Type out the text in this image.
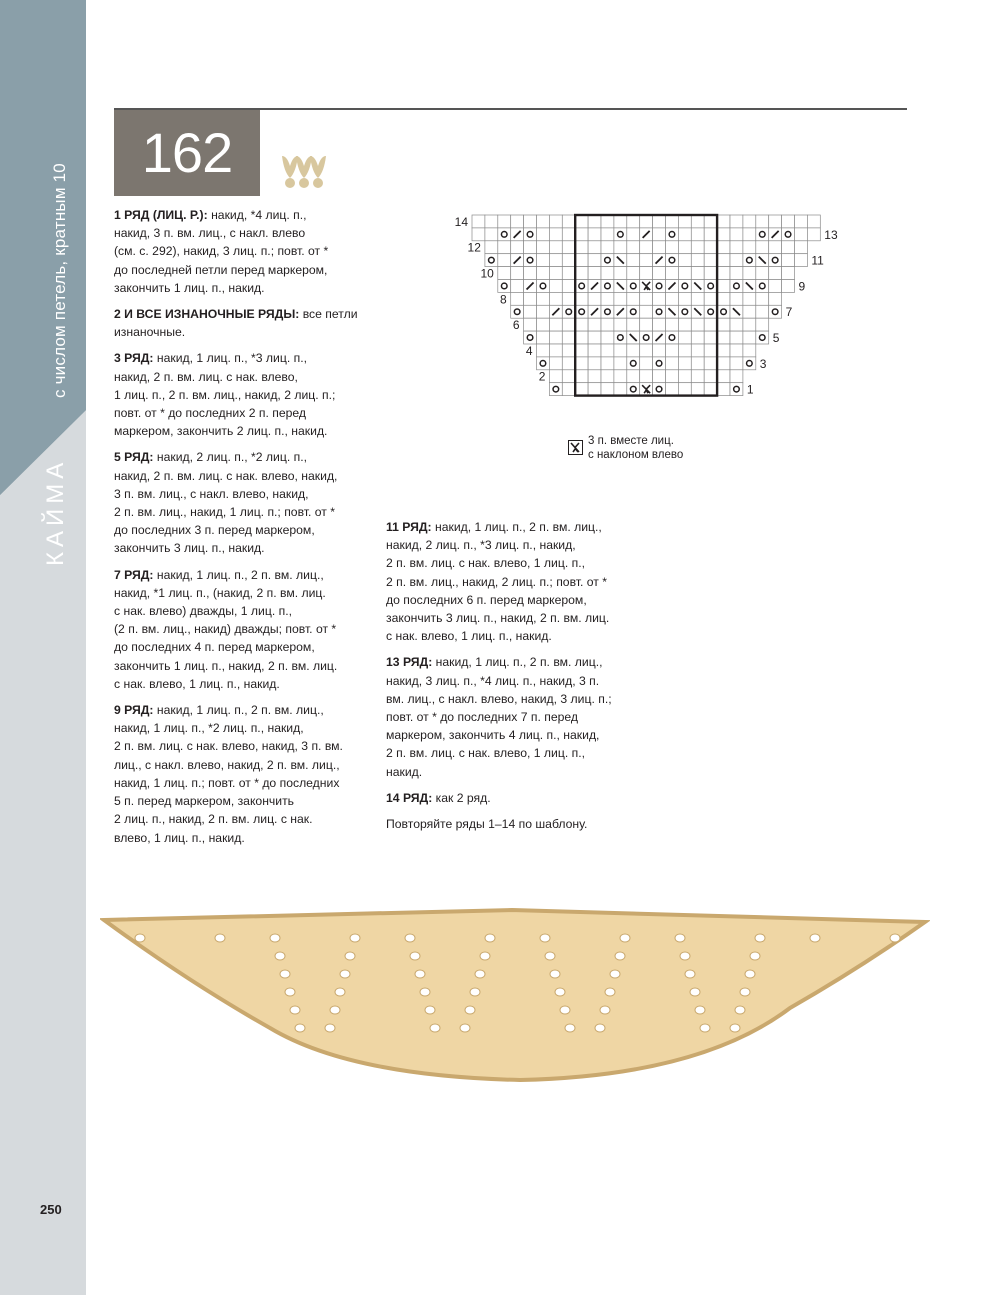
с числом петель, кратным 10
КАЙМА
250
162
1 РЯД (ЛИЦ. Р.): накид, *4 лиц. п.,
накид, 3 п. вм. лиц., с накл. влево
(см. с. 292), накид, 3 лиц. п.; повт. от *
до последней петли перед маркером,
закончить 1 лиц. п., накид.
2 И ВСЕ ИЗНАНОЧНЫЕ РЯДЫ: все петли изнаночные.
3 РЯД: накид, 1 лиц. п., *3 лиц. п.,
накид, 2 п. вм. лиц. с нак. влево,
1 лиц. п., 2 п. вм. лиц., накид, 2 лиц. п.;
повт. от * до последних 2 п. перед
маркером, закончить 2 лиц. п., накид.
5 РЯД: накид, 2 лиц. п., *2 лиц. п.,
накид, 2 п. вм. лиц. с нак. влево, накид,
3 п. вм. лиц., с накл. влево, накид,
2 п. вм. лиц., накид, 1 лиц. п.; повт. от *
до последних 3 п. перед маркером,
закончить 3 лиц. п., накид.
7 РЯД: накид, 1 лиц. п., 2 п. вм. лиц.,
накид, *1 лиц. п., (накид, 2 п. вм. лиц.
с нак. влево) дважды, 1 лиц. п.,
(2 п. вм. лиц., накид) дважды; повт. от *
до последних 4 п. перед маркером,
закончить 1 лиц. п., накид, 2 п. вм. лиц.
с нак. влево, 1 лиц. п., накид.
9 РЯД: накид, 1 лиц. п., 2 п. вм. лиц.,
накид, 1 лиц. п., *2 лиц. п., накид,
2 п. вм. лиц. с нак. влево, накид, 3 п. вм.
лиц., с накл. влево, накид, 2 п. вм. лиц.,
накид, 1 лиц. п.; повт. от * до последних
5 п. перед маркером, закончить
2 лиц. п., накид, 2 п. вм. лиц. с нак.
влево, 1 лиц. п., накид.
11 РЯД: накид, 1 лиц. п., 2 п. вм. лиц.,
накид, 2 лиц. п., *3 лиц. п., накид,
2 п. вм. лиц. с нак. влево, 1 лиц. п.,
2 п. вм. лиц., накид, 2 лиц. п.; повт. от *
до последних 6 п. перед маркером,
закончить 3 лиц. п., накид, 2 п. вм. лиц.
с нак. влево, 1 лиц. п., накид.
13 РЯД: накид, 1 лиц. п., 2 п. вм. лиц.,
накид, 3 лиц. п., *4 лиц. п., накид, 3 п.
вм. лиц., с накл. влево, накид, 3 лиц. п.;
повт. от * до последних 7 п. перед
маркером, закончить 4 лиц. п., накид,
2 п. вм. лиц. с нак. влево, 1 лиц. п.,
накид.
14 РЯД: как 2 ряд.
Повторяйте ряды 1–14 по шаблону.
14
12
10
8
6
4
2
13
11
9
7
5
3
1
3 п. вместе лиц.
с наклоном влево
